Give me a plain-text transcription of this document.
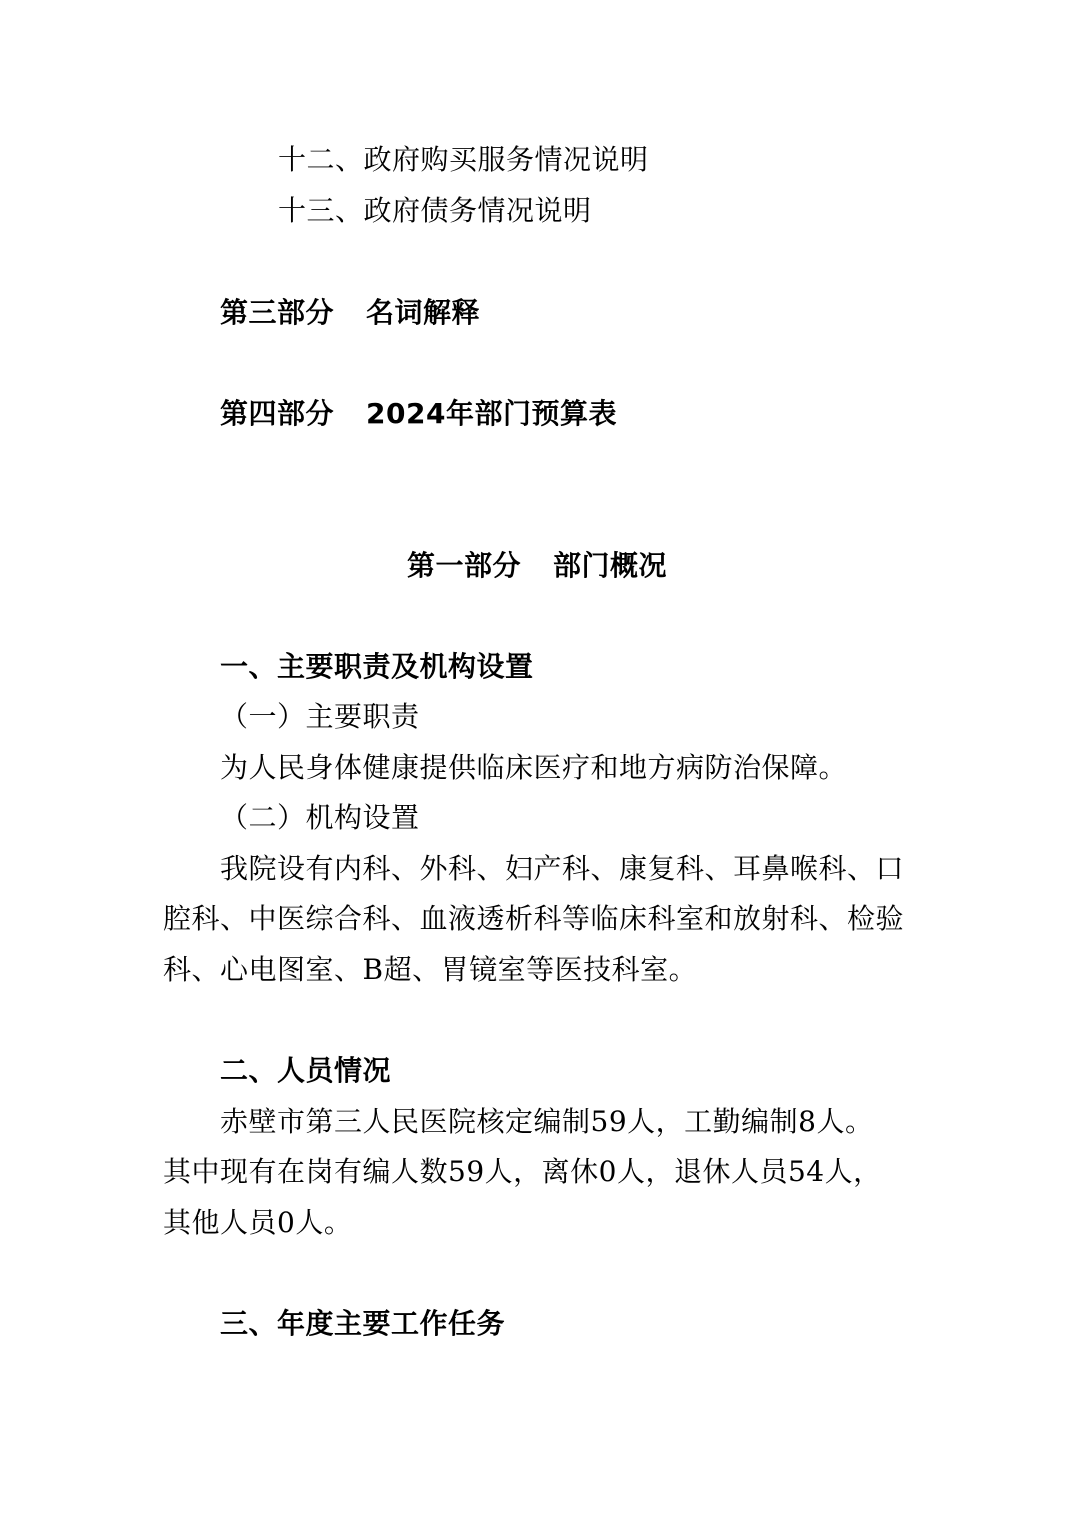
十二、政府购买服务情况说明
十三、政府债务情况说明
第三部分 名词解释
第四部分 2024年部门预算表
第一部分 部门概况
一、主要职责及机构设置
（一）主要职责
为人民身体健康提供临床医疗和地方病防治保障。
（二）机构设置
我院设有内科、外科、妇产科、康复科、耳鼻喉科、口
腔科、中医综合科、血液透析科等临床科室和放射科、检验
科、心电图室、B超、胃镜室等医技科室。
二、人员情况
赤壁市第三人民医院核定编制59人，工勤编制8人。
其中现有在岗有编人数59人，离休0人，退休人员54人，
其他人员0人。
三、年度主要工作任务
